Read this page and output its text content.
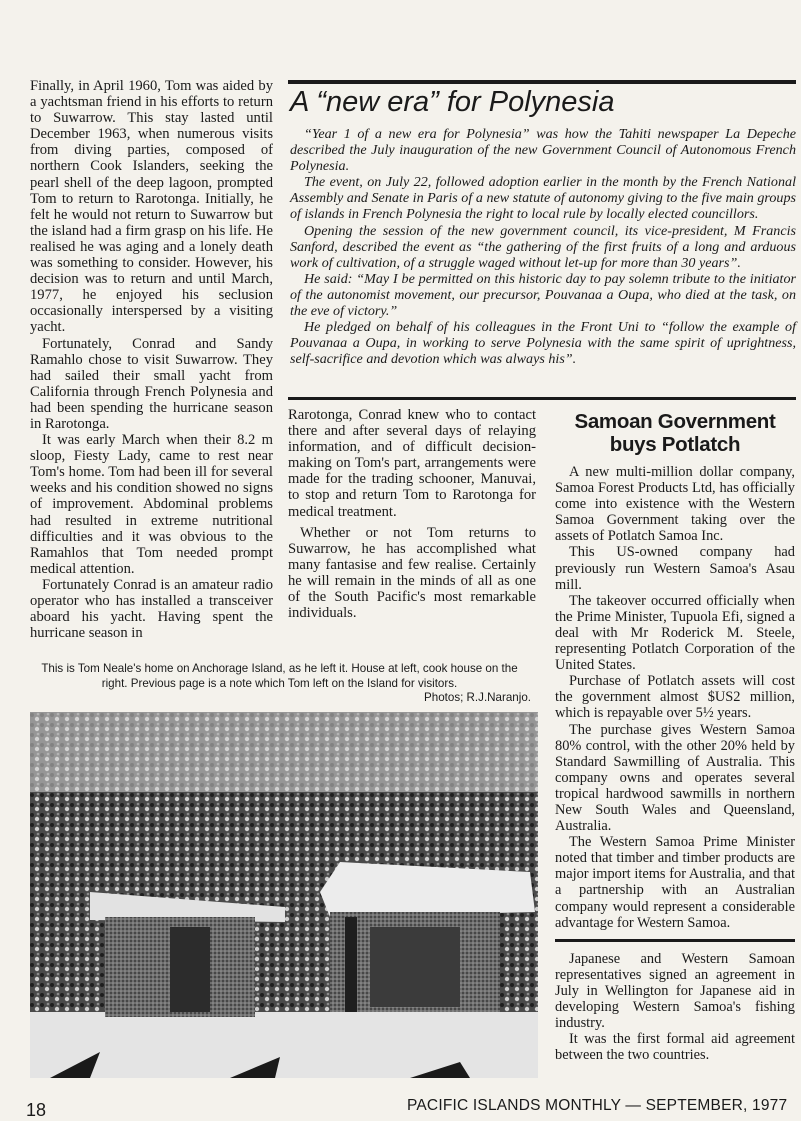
Finally, in April 1960, Tom was aided by a yachtsman friend in his efforts to return to Suwarrow. This stay lasted until December 1963, when numerous visits from diving parties, composed of northern Cook Islanders, seeking the pearl shell of the deep lagoon, prompted Tom to return to Rarotonga. Initially, he felt he would not return to Suwarrow but the island had a firm grasp on his life. He realised he was aging and a lonely death was something to consider. However, his decision was to return and until March, 1977, he enjoyed his seclusion occasionally interspersed by a visiting yacht.

Fortunately, Conrad and Sandy Ramahlo chose to visit Suwarrow. They had sailed their small yacht from California through French Polynesia and had been spending the hurricane season in Rarotonga.

It was early March when their 8.2 m sloop, Fiesty Lady, came to rest near Tom's home. Tom had been ill for several weeks and his condition showed no signs of improvement. Abdominal problems had resulted in extreme nutritional difficulties and it was obvious to the Ramahlos that Tom needed prompt medical attention.

Fortunately Conrad is an amateur radio operator who has installed a transceiver aboard his yacht. Having spent the hurricane season in

A “new era” for Polynesia

“Year 1 of a new era for Polynesia” was how the Tahiti newspaper La Depeche described the July inauguration of the new Government Council of Autonomous French Polynesia.

The event, on July 22, followed adoption earlier in the month by the French National Assembly and Senate in Paris of a new statute of autonomy giving to the five main groups of islands in French Polynesia the right to local rule by locally elected councillors.

Opening the session of the new government council, its vice-president, M Francis Sanford, described the event as “the gathering of the first fruits of a long and arduous work of cultivation, of a struggle waged without let-up for more than 30 years”.

He said: “May I be permitted on this historic day to pay solemn tribute to the initiator of the autonomist movement, our precursor, Pouvanaa a Oupa, who died at the task, on the eve of victory.”

He pledged on behalf of his colleagues in the Front Uni to “follow the example of Pouvanaa a Oupa, in working to serve Polynesia with the same spirit of uprightness, self-sacrifice and devotion which was always his”.

Rarotonga, Conrad knew who to contact there and after several days of relaying information, and of difficult decision-making on Tom's part, arrangements were made for the trading schooner, Manuvai, to stop and return Tom to Rarotonga for medical treatment.

Whether or not Tom returns to Suwarrow, he has accomplished what many fantasise and few realise. Certainly he will remain in the minds of all as one of the South Pacific's most remarkable individuals.

This is Tom Neale's home on Anchorage Island, as he left it. House at left, cook house on the right. Previous page is a note which Tom left on the Island for visitors.
Photos; R.J.Naranjo.
Samoan Government buys Potlatch

A new multi-million dollar company, Samoa Forest Products Ltd, has officially come into existence with the Western Samoa Government taking over the assets of Potlatch Samoa Inc.

This US-owned company had previously run Western Samoa's Asau mill.

The takeover occurred officially when the Prime Minister, Tupuola Efi, signed a deal with Mr Roderick M. Steele, representing Potlatch Corporation of the United States.

Purchase of Potlatch assets will cost the government almost $US2 million, which is repayable over 5½ years.

The purchase gives Western Samoa 80% control, with the other 20% held by Standard Sawmilling of Australia. This company owns and operates several tropical hardwood sawmills in northern New South Wales and Queensland, Australia.

The Western Samoa Prime Minister noted that timber and timber products are major import items for Australia, and that a partnership with an Australian company would represent a considerable advantage for Western Samoa.

Japanese and Western Samoan representatives signed an agreement in July in Wellington for Japanese aid in developing Western Samoa's fishing industry.

It was the first formal aid agreement between the two countries.

18	PACIFIC ISLANDS MONTHLY — SEPTEMBER, 1977
